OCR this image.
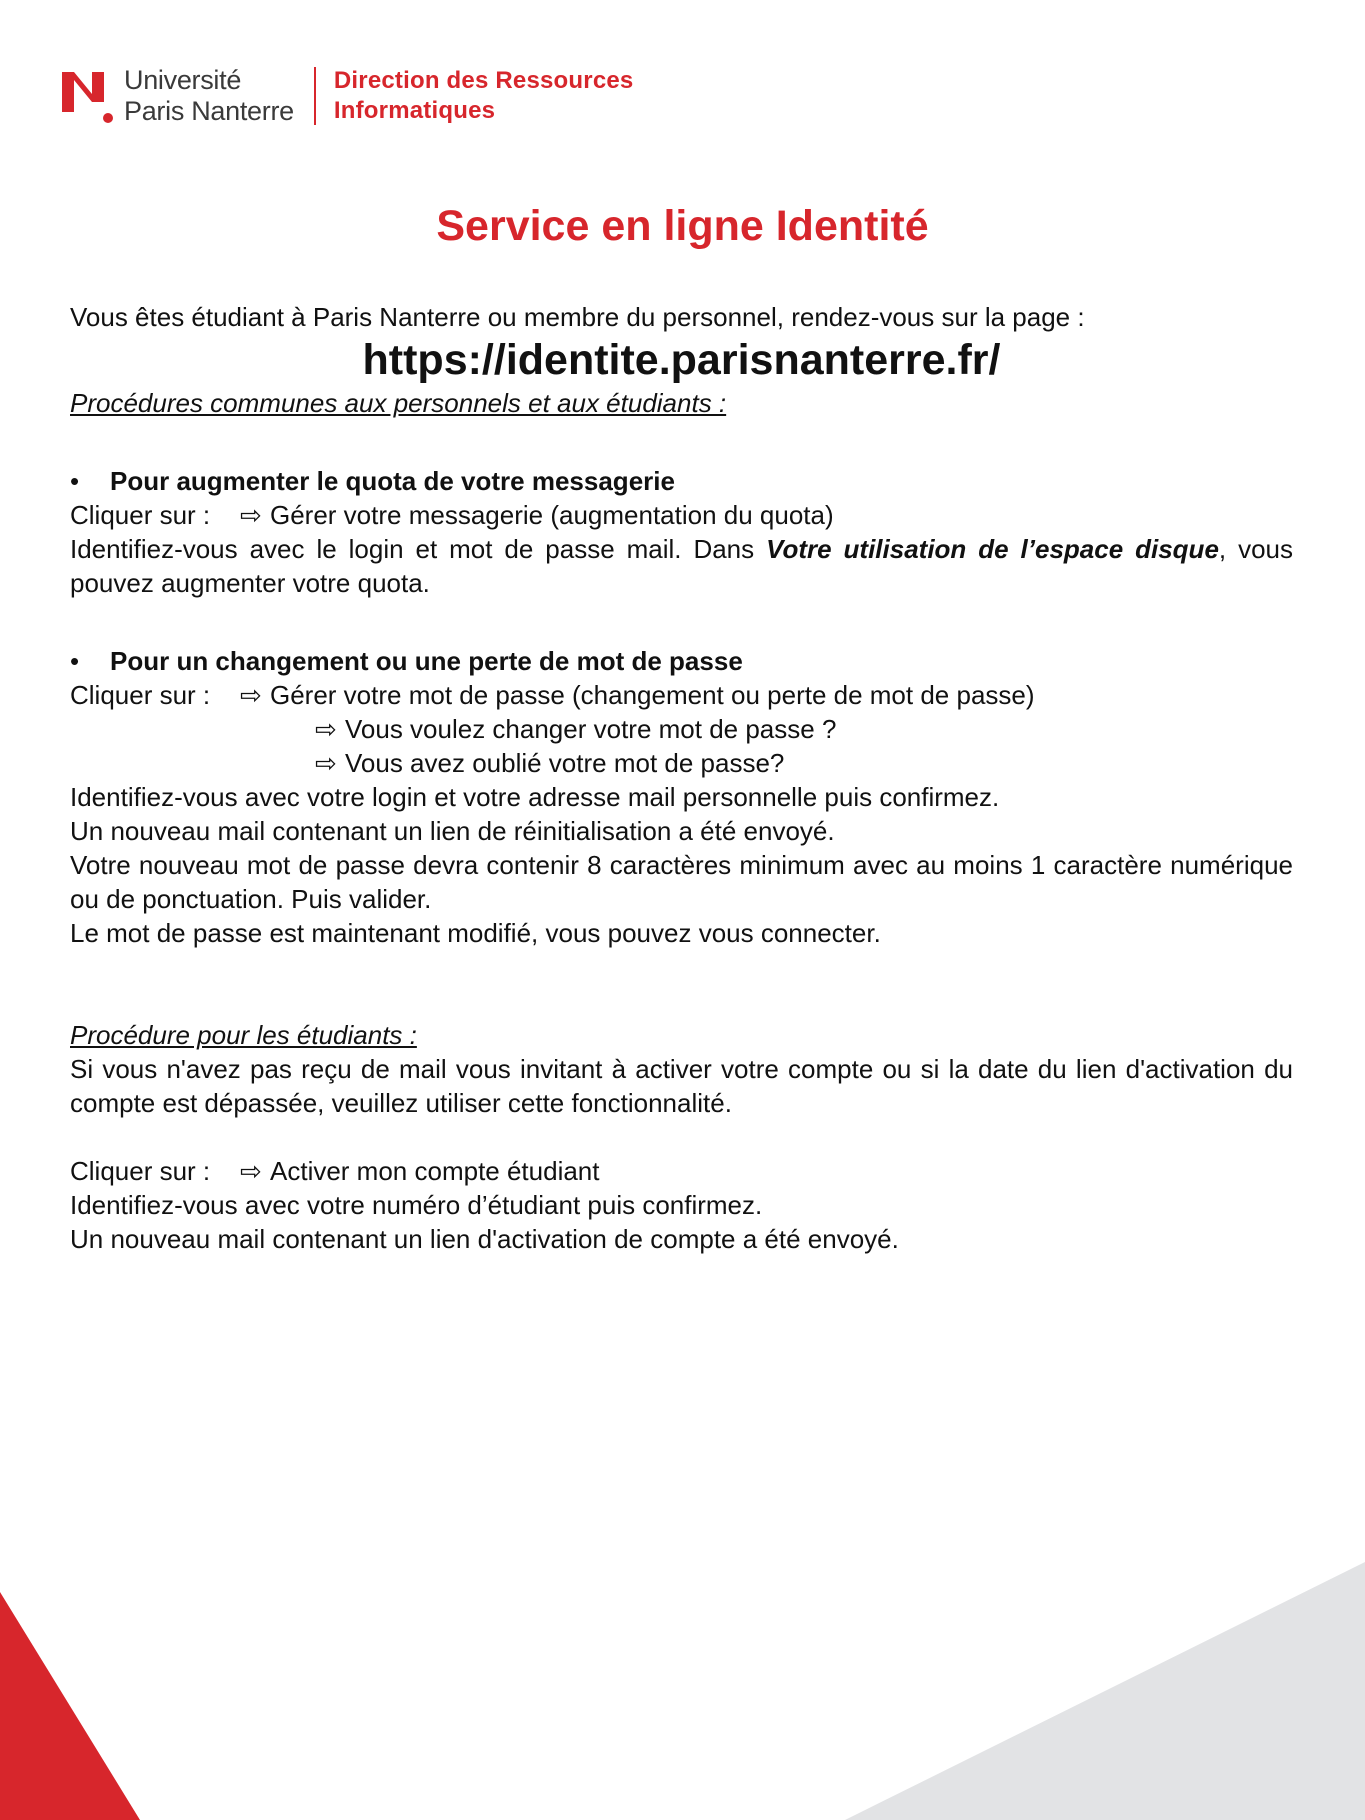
Université
Paris Nanterre
Direction des Ressources
Informatiques
Service en ligne Identité

Vous êtes étudiant à Paris Nanterre ou membre du personnel, rendez-vous sur la page :

https://identite.parisnanterre.fr/

Procédures communes aux personnels et aux étudiants :

•	Pour augmenter le quota de votre messagerie
Cliquer sur :	⇨ Gérer votre messagerie (augmentation du quota)

Identifiez-vous avec le login et mot de passe mail. Dans Votre utilisation de l’espace disque, vous pouvez augmenter votre quota.

•	Pour un changement ou une perte de mot de passe
Cliquer sur :	⇨ Gérer votre mot de passe (changement ou perte de mot de passe)
⇨ Vous voulez changer votre mot de passe ?
⇨ Vous avez oublié votre mot de passe?

Identifiez-vous avec votre login et votre adresse mail personnelle puis confirmez.

Un nouveau mail contenant un lien de réinitialisation a été envoyé.

Votre nouveau mot de passe devra contenir 8 caractères minimum avec au moins 1 caractère numérique ou de ponctuation. Puis valider.

Le mot de passe est maintenant modifié, vous pouvez vous connecter.

Procédure pour les étudiants :

Si vous n'avez pas reçu de mail vous invitant à activer votre compte ou si la date du lien d'activation du compte est dépassée, veuillez utiliser cette fonctionnalité.

Cliquer sur :	⇨ Activer mon compte étudiant

Identifiez-vous avec votre numéro d’étudiant puis confirmez.

Un nouveau mail contenant un lien d'activation de compte a été envoyé.
